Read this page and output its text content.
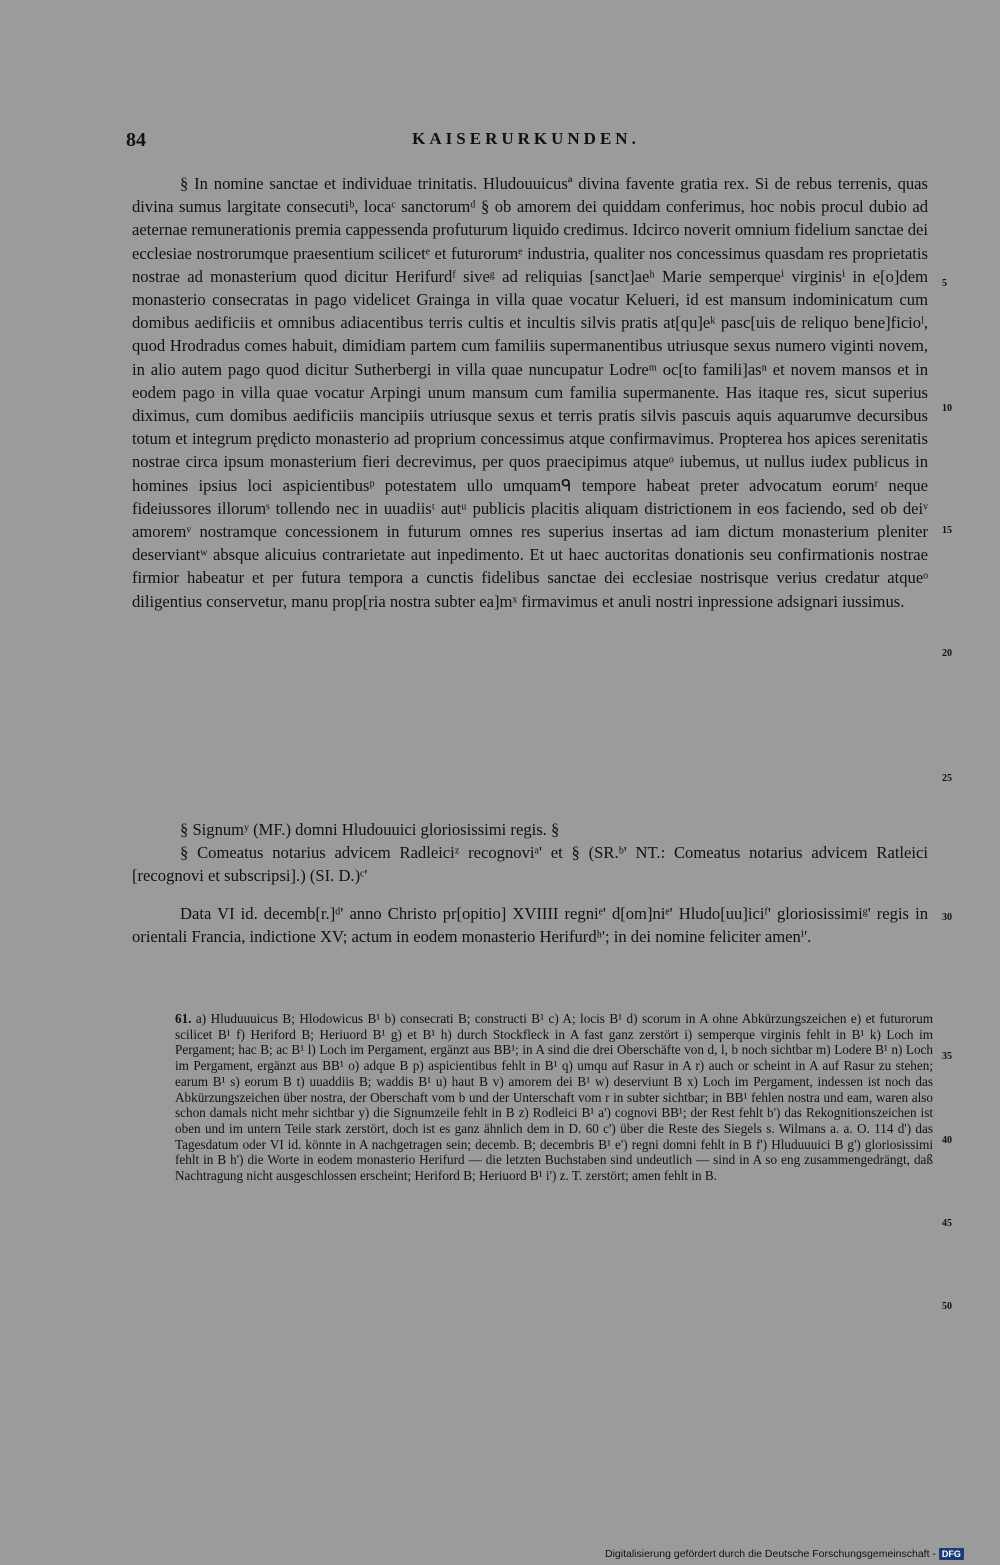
84	KAISERURKUNDEN.

§ In nomine sanctae et individuae trinitatis. Hludouuicusª divina favente gratia rex. Si de rebus terrenis, quas divina sumus largitate consecutiᵇ, locaᶜ sanctorumᵈ § ob amorem dei quiddam conferimus, hoc nobis procul dubio ad aeternae remunerationis premia cappessenda profuturum liquido credimus. Idcirco noverit omnium fidelium sanctae dei ecclesiae nostrorumque praesentium scilicetᵉ et futurorumᵉ industria, qualiter nos concessimus quasdam res proprietatis nostrae ad monasterium quod dicitur Herifurdᶠ siveᵍ ad reliquias [sanct]aeʰ Marie semperqueⁱ virginisⁱ in e[o]dem monasterio consecratas in pago videlicet Grainga in villa quae vocatur Kelueri, id est mansum indominicatum cum domibus aedificiis et omnibus adiacentibus terris cultis et incultis silvis pratis at[qu]eᵏ pasc[uis de reliquo bene]ficioˡ, quod Hrodradus comes habuit, dimidiam partem cum familiis supermanentibus utriusque sexus numero viginti novem, in alio autem pago quod dicitur Sutherbergi in villa quae nuncupatur Lodreᵐ oc[to famili]asⁿ et novem mansos et in eodem pago in villa quae vocatur Arpingi unum mansum cum familia supermanente. Has itaque res, sicut superius diximus, cum domibus aedificiis mancipiis utriusque sexus et terris pratis silvis pascuis aquis aquarumve decursibus totum et integrum prędicto monasterio ad proprium concessimus atque confirmavimus. Propterea hos apices serenitatis nostrae circa ipsum monasterium fieri decrevimus, per quos praecipimus atqueᵒ iubemus, ut nullus iudex publicus in homines ipsius loci aspicientibusᵖ potestatem ullo umquamᑫ tempore habeat preter advocatum eorumʳ neque fideiussores illorumˢ tollendo nec in uuadiisᵗ autᵘ publicis placitis aliquam districtionem in eos faciendo, sed ob deiᵛ amoremᵛ nostramque concessionem in futurum omnes res superius insertas ad iam dictum monasterium pleniter deserviantʷ absque alicuius contrarietate aut inpedimento. Et ut haec auctoritas donationis seu confirmationis nostrae firmior habeatur et per futura tempora a cunctis fidelibus sanctae dei ecclesiae nostrisque verius credatur atqueᵒ diligentius conservetur, manu prop[ria nostra subter ea]mˣ firmavimus et anuli nostri inpressione adsignari iussimus.

§ Signumʸ (MF.) domni Hludouuici gloriosissimi regis. §

§ Comeatus notarius advicem Radleiciᶻ recognoviᵃ' et § (SR.ᵇ' NT.: Comeatus notarius advicem Ratleici [recognovi et subscripsi].) (SI. D.)ᶜ'

Data VI id. decemb[r.]ᵈ' anno Christo pr[opitio] XVIIII regniᵉ' d[om]niᵉ' Hludo[uu]iciᶠ' gloriosissimiᵍ' regis in orientali Francia, indictione XV; actum in eodem monasterio Herifurdʰ'; in dei nomine feliciter amenⁱ'.

5
10
15
20
25
30
35
40
45
50

61. a) Hluduuuicus B; Hlodowicus B¹ b) consecrati B; constructi B¹ c) A; locis B¹ d) scorum in A ohne Abkürzungszeichen e) et futurorum scilicet B¹ f) Heriford B; Heriuord B¹ g) et B¹ h) durch Stockfleck in A fast ganz zerstört i) semperque virginis fehlt in B¹ k) Loch im Pergament; hac B; ac B¹ l) Loch im Pergament, ergänzt aus BB¹; in A sind die drei Oberschäfte von d, l, b noch sichtbar m) Lodere B¹ n) Loch im Pergament, ergänzt aus BB¹ o) adque B p) aspicientibus fehlt in B¹ q) umqu auf Rasur in A r) auch or scheint in A auf Rasur zu stehen; earum B¹ s) eorum B t) uuaddiis B; waddis B¹ u) haut B v) amorem dei B¹ w) deserviunt B x) Loch im Pergament, indessen ist noch das Abkürzungszeichen über nostra, der Oberschaft vom b und der Unterschaft vom r in subter sichtbar; in BB¹ fehlen nostra und eam, waren also schon damals nicht mehr sichtbar y) die Signumzeile fehlt in B z) Rodleici B¹ a') cognovi BB¹; der Rest fehlt b') das Rekognitionszeichen ist oben und im untern Teile stark zerstört, doch ist es ganz ähnlich dem in D. 60 c') über die Reste des Siegels s. Wilmans a. a. O. 114 d') das Tagesdatum oder VI id. könnte in A nachgetragen sein; decemb. B; decembris B¹ e') regni domni fehlt in B f') Hluduuuici B g') gloriosissimi fehlt in B h') die Worte in eodem monasterio Herifurd — die letzten Buchstaben sind undeutlich — sind in A so eng zusammengedrängt, daß Nachtragung nicht ausgeschlossen erscheint; Heriford B; Heriuord B¹ i') z. T. zerstört; amen fehlt in B.

Digitalisierung gefördert durch die Deutsche Forschungsgemeinschaft - DFG
